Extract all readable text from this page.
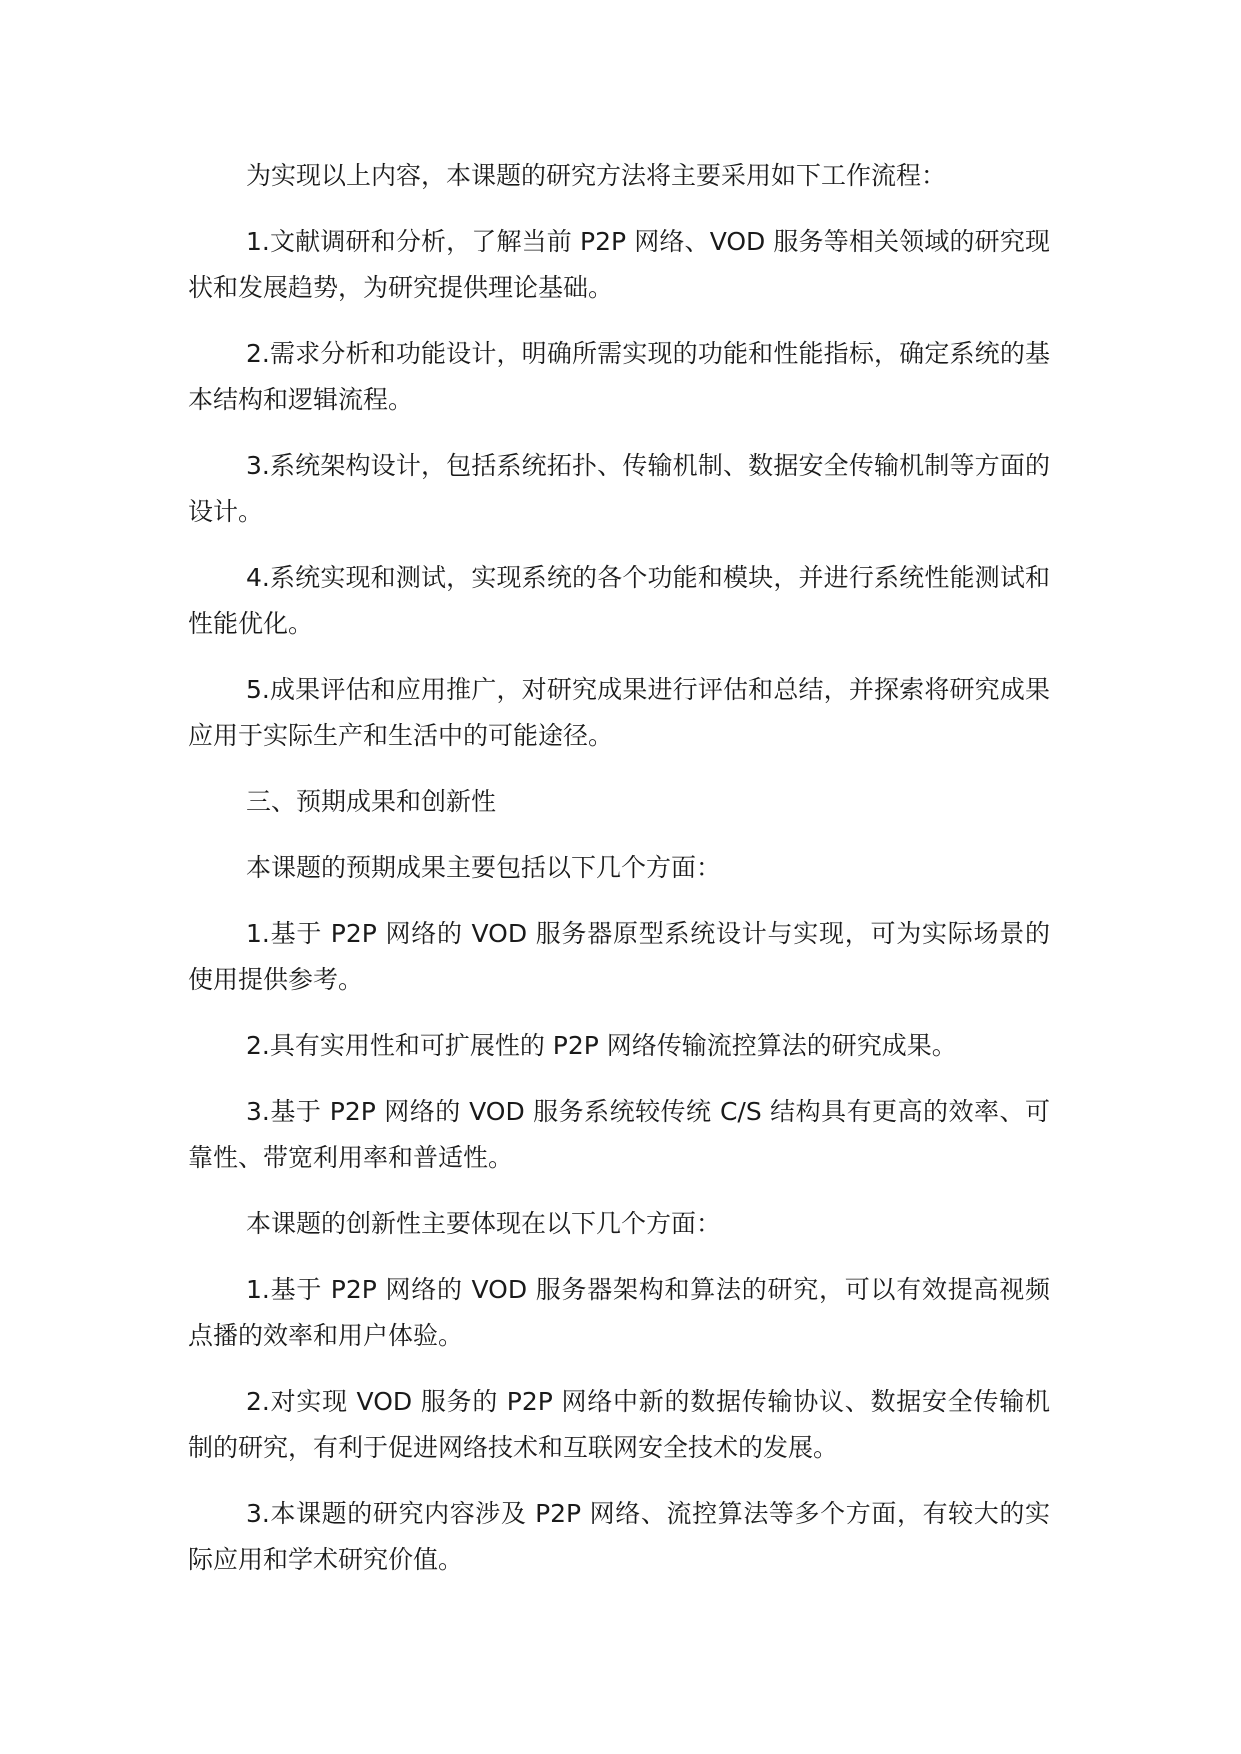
为实现以上内容，本课题的研究方法将主要采用如下工作流程：

1.文献调研和分析，了解当前 P2P 网络、VOD 服务等相关领域的研究现状和发展趋势，为研究提供理论基础。

2.需求分析和功能设计，明确所需实现的功能和性能指标，确定系统的基本结构和逻辑流程。

3.系统架构设计，包括系统拓扑、传输机制、数据安全传输机制等方面的设计。

4.系统实现和测试，实现系统的各个功能和模块，并进行系统性能测试和性能优化。

5.成果评估和应用推广，对研究成果进行评估和总结，并探索将研究成果应用于实际生产和生活中的可能途径。

三、预期成果和创新性

本课题的预期成果主要包括以下几个方面：

1.基于 P2P 网络的 VOD 服务器原型系统设计与实现，可为实际场景的使用提供参考。

2.具有实用性和可扩展性的 P2P 网络传输流控算法的研究成果。

3.基于 P2P 网络的 VOD 服务系统较传统 C/S 结构具有更高的效率、可靠性、带宽利用率和普适性。

本课题的创新性主要体现在以下几个方面：

1.基于 P2P 网络的 VOD 服务器架构和算法的研究，可以有效提高视频点播的效率和用户体验。

2.对实现 VOD 服务的 P2P 网络中新的数据传输协议、数据安全传输机制的研究，有利于促进网络技术和互联网安全技术的发展。

3.本课题的研究内容涉及 P2P 网络、流控算法等多个方面，有较大的实际应用和学术研究价值。
